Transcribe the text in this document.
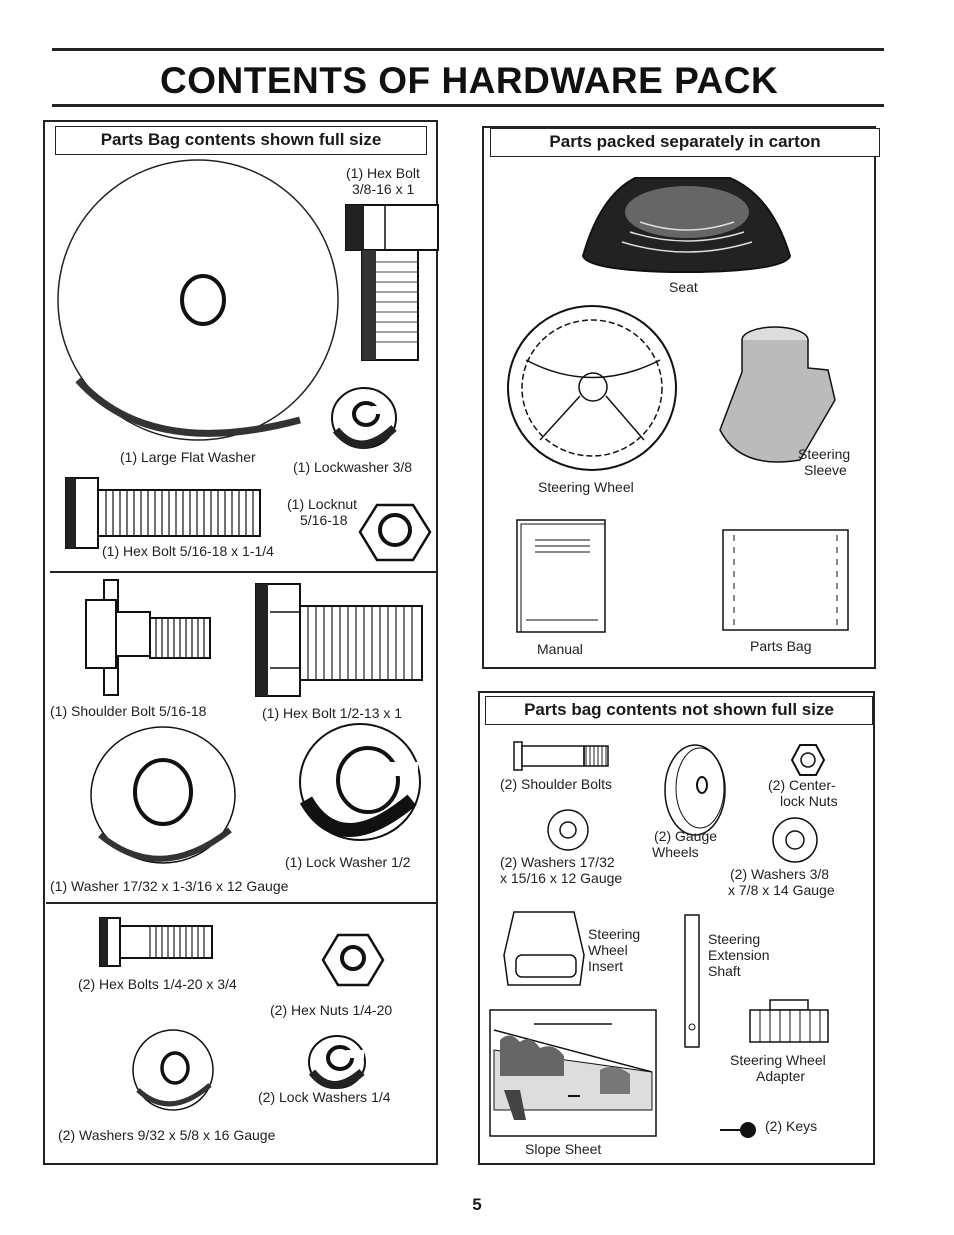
CONTENTS OF HARDWARE PACK
Parts Bag contents shown full size
(1) Hex Bolt
3/8-16 x 1
(1) Large Flat Washer
(1) Lockwasher 3/8
(1) Locknut
5/16-18
(1) Hex Bolt 5/16-18 x 1-1/4
(1) Shoulder Bolt 5/16-18	(1) Hex Bolt 1/2-13 x 1
(1) Lock Washer 1/2
(1) Washer 17/32 x 1-3/16 x 12 Gauge
(2) Hex Bolts 1/4-20 x 3/4
(2) Hex Nuts 1/4-20
(2) Lock Washers 1/4
(2) Washers 9/32 x 5/8 x 16 Gauge
Parts packed separately in carton
Seat
Steering Wheel
Steering
Sleeve
Manual	Parts Bag
Parts bag contents not shown full size
(2) Shoulder Bolts
(2) Gauge
Wheels
(2) Center-
lock Nuts
(2) Washers 17/32
x 15/16 x 12 Gauge	(2) Washers 3/8
x 7/8 x 14 Gauge
Steering
Wheel
Insert
Steering
Extension
Shaft
Steering Wheel
Adapter
Slope Sheet
(2) Keys
5
